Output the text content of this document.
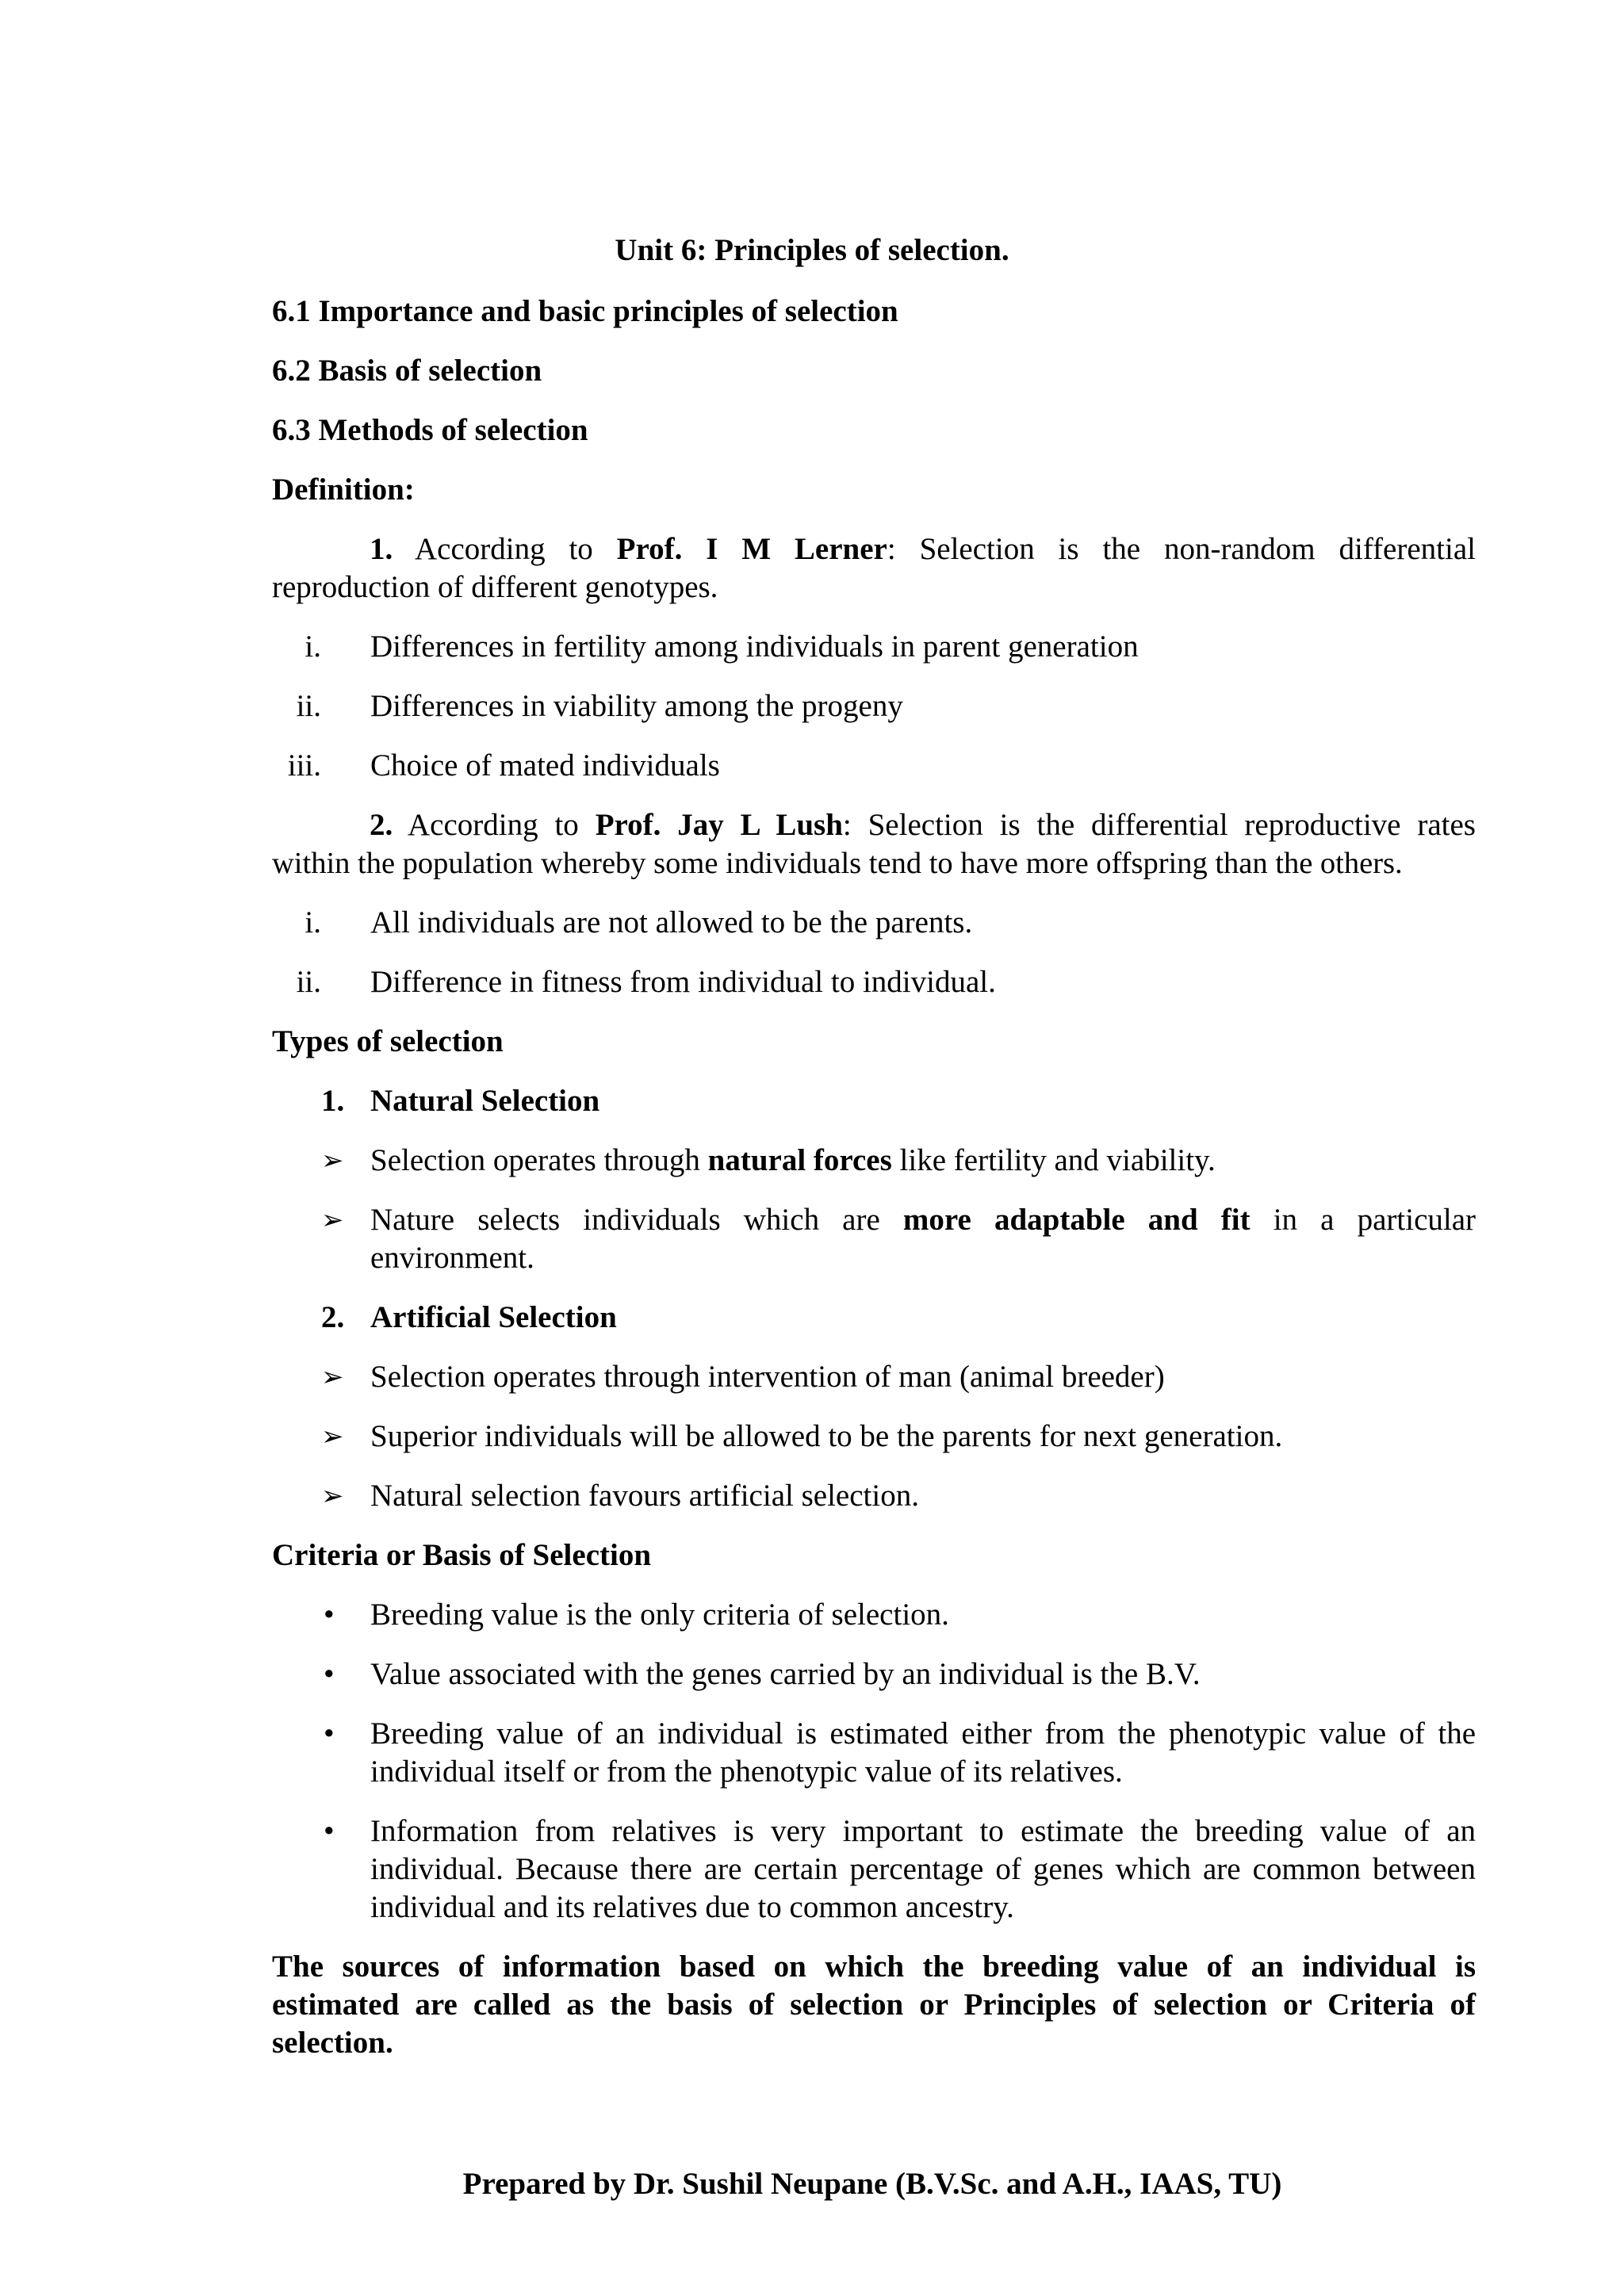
Unit 6: Principles of selection.
6.1 Importance and basic principles of selection
6.2 Basis of selection
6.3 Methods of selection
Definition:
1. According to Prof. I M Lerner: Selection is the non-random differential
reproduction of different genotypes.
i. Differences in fertility among individuals in parent generation
ii. Differences in viability among the progeny
iii. Choice of mated individuals
2. According to Prof. Jay L Lush: Selection is the differential reproductive rates
within the population whereby some individuals tend to have more offspring than the others.
i. All individuals are not allowed to be the parents.
ii. Difference in fitness from individual to individual.
Types of selection
1. Natural Selection
➢ Selection operates through natural forces like fertility and viability.
➢ Nature selects individuals which are more adaptable and fit in a particular
environment.
2. Artificial Selection
➢ Selection operates through intervention of man (animal breeder)
➢ Superior individuals will be allowed to be the parents for next generation.
➢ Natural selection favours artificial selection.
Criteria or Basis of Selection
• Breeding value is the only criteria of selection.
• Value associated with the genes carried by an individual is the B.V.
• Breeding value of an individual is estimated either from the phenotypic value of the
individual itself or from the phenotypic value of its relatives.
• Information from relatives is very important to estimate the breeding value of an
individual. Because there are certain percentage of genes which are common between
individual and its relatives due to common ancestry.
The sources of information based on which the breeding value of an individual is
estimated are called as the basis of selection or Principles of selection or Criteria of
selection.
Prepared by Dr. Sushil Neupane (B.V.Sc. and A.H., IAAS, TU)
